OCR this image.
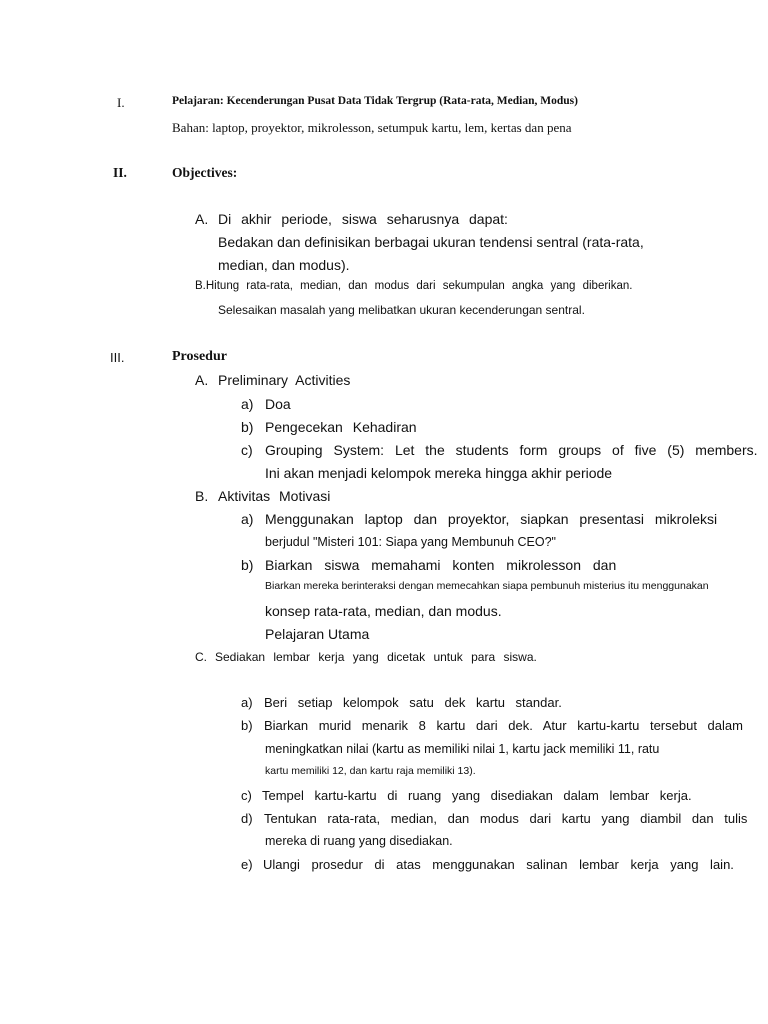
I.	Pelajaran: Kecenderungan Pusat Data Tidak Tergrup (Rata-rata, Median, Modus)
Bahan: laptop, proyektor, mikrolesson, setumpuk kartu, lem, kertas dan pena
II.	Objectives:
A. Di akhir periode, siswa seharusnya dapat:
Bedakan dan definisikan berbagai ukuran tendensi sentral (rata-rata,
median, dan modus).
B.Hitung rata-rata, median, dan modus dari sekumpulan angka yang diberikan.
Selesaikan masalah yang melibatkan ukuran kecenderungan sentral.
III.	Prosedur
A. Preliminary Activities
a) Doa
b) Pengecekan Kehadiran
c) Grouping System: Let the students form groups of five (5) members.
Ini akan menjadi kelompok mereka hingga akhir periode
B. Aktivitas Motivasi
a) Menggunakan laptop dan proyektor, siapkan presentasi mikroleksi
berjudul "Misteri 101: Siapa yang Membunuh CEO?"
b) Biarkan siswa memahami konten mikrolesson dan
Biarkan mereka berinteraksi dengan memecahkan siapa pembunuh misterius itu menggunakan
konsep rata-rata, median, dan modus.
Pelajaran Utama
C. Sediakan lembar kerja yang dicetak untuk para siswa.
a) Beri setiap kelompok satu dek kartu standar.
b) Biarkan murid menarik 8 kartu dari dek. Atur kartu-kartu tersebut dalam
meningkatkan nilai (kartu as memiliki nilai 1, kartu jack memiliki 11, ratu
kartu memiliki 12, dan kartu raja memiliki 13).
c) Tempel kartu-kartu di ruang yang disediakan dalam lembar kerja.
d) Tentukan rata-rata, median, dan modus dari kartu yang diambil dan tulis
mereka di ruang yang disediakan.
e) Ulangi prosedur di atas menggunakan salinan lembar kerja yang lain.
